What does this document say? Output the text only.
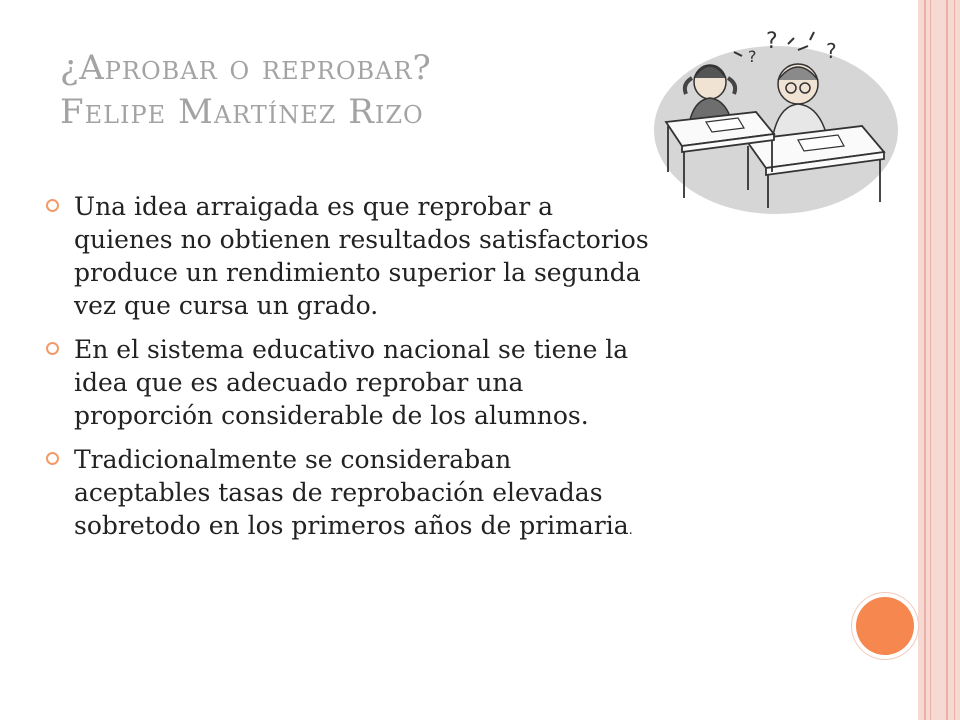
¿Aprobar o reprobar?
Felipe Martínez Rizo
? ?
?

Una idea arraigada es que reprobar a
quienes no obtienen resultados satisfactorios
produce un rendimiento superior la segunda
vez que cursa un grado.

En el sistema educativo nacional se tiene la
idea que es adecuado reprobar una
proporción considerable de los alumnos.

Tradicionalmente se consideraban
aceptables tasas de reprobación elevadas
sobretodo en los primeros años de primaria.
